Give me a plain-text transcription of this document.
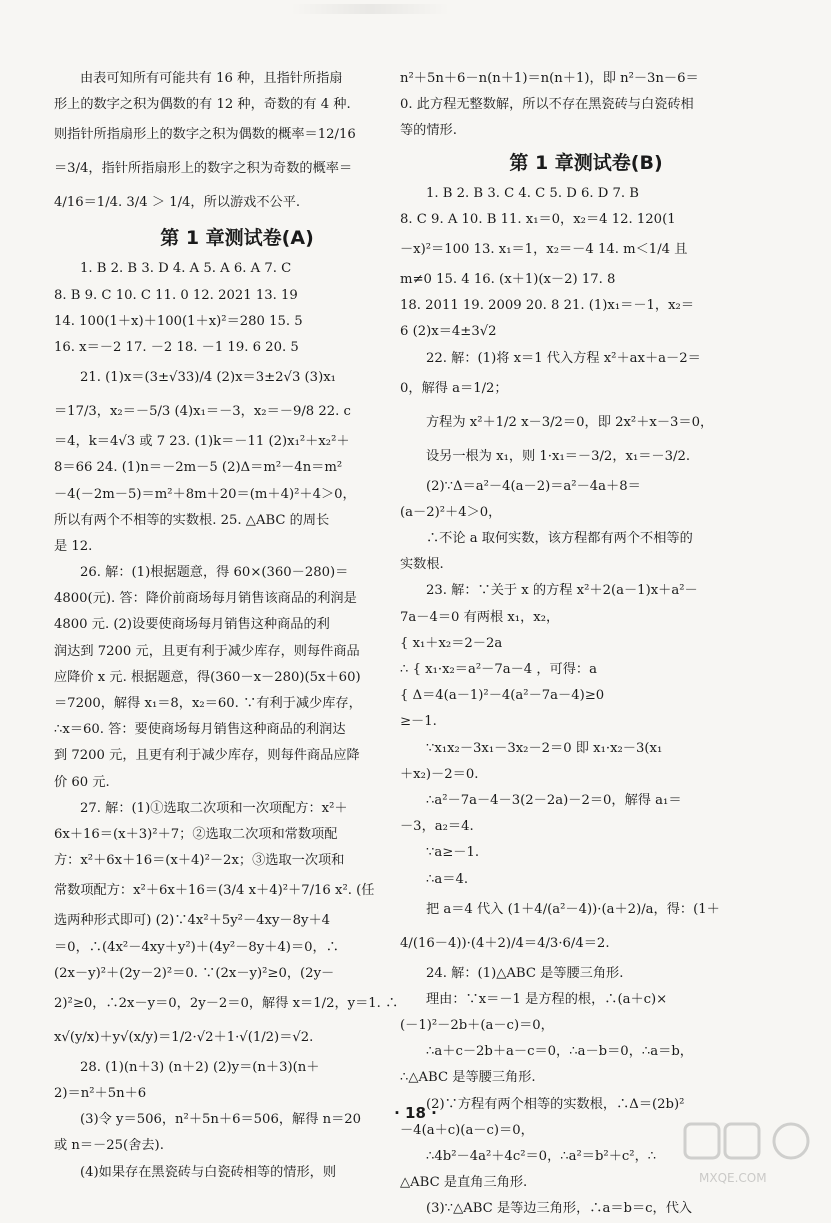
由表可知所有可能共有 16 种，且指针所指扇
形上的数字之积为偶数的有 12 种，奇数的有 4 种.
则指针所指扇形上的数字之积为偶数的概率＝12/16
＝3/4，指针所指扇形上的数字之积为奇数的概率＝
4/16＝1/4. 3/4 ＞ 1/4，所以游戏不公平.
第 1 章测试卷(A)
1. B 2. B 3. D 4. A 5. A 6. A 7. C
8. B 9. C 10. C 11. 0 12. 2021 13. 19
14. 100(1＋x)＋100(1＋x)²＝280 15. 5
16. x＝－2 17. －2 18. －1 19. 6 20. 5
21. (1)x＝(3±√33)/4 (2)x＝3±2√3 (3)x₁
＝17/3，x₂＝－5/3 (4)x₁＝－3，x₂＝－9/8 22. c
＝4，k＝4√3 或 7 23. (1)k＝－11 (2)x₁²＋x₂²＋
8＝66 24. (1)n＝－2m－5 (2)Δ＝m²－4n＝m²
－4(－2m－5)＝m²＋8m＋20＝(m＋4)²＋4＞0，
所以有两个不相等的实数根. 25. △ABC 的周长
是 12.
26. 解：(1)根据题意，得 60×(360－280)＝
4800(元). 答：降价前商场每月销售该商品的利润是
4800 元. (2)设要使商场每月销售这种商品的利
润达到 7200 元，且更有利于减少库存，则每件商品
应降价 x 元. 根据题意，得(360－x－280)(5x＋60)
＝7200，解得 x₁＝8，x₂＝60. ∵有利于减少库存，
∴x＝60. 答：要使商场每月销售这种商品的利润达
到 7200 元，且更有利于减少库存，则每件商品应降
价 60 元.
27. 解：(1)①选取二次项和一次项配方：x²＋
6x＋16＝(x＋3)²＋7；②选取二次项和常数项配
方：x²＋6x＋16＝(x＋4)²－2x；③选取一次项和
常数项配方：x²＋6x＋16＝(3/4 x＋4)²＋7/16 x². (任
选两种形式即可) (2)∵4x²＋5y²－4xy－8y＋4
＝0，∴(4x²－4xy＋y²)＋(4y²－8y＋4)＝0，∴
(2x－y)²＋(2y－2)²＝0. ∵(2x－y)²≥0，(2y－
2)²≥0，∴2x－y＝0，2y－2＝0，解得 x＝1/2，y＝1. ∴
x√(y/x)＋y√(x/y)＝1/2·√2＋1·√(1/2)＝√2.
28. (1)(n＋3) (n＋2) (2)y＝(n＋3)(n＋
2)＝n²＋5n＋6
(3)令 y＝506，n²＋5n＋6＝506，解得 n＝20
或 n＝－25(舍去).
(4)如果存在黑瓷砖与白瓷砖相等的情形，则
n²＋5n＋6－n(n＋1)＝n(n＋1)，即 n²－3n－6＝
0. 此方程无整数解，所以不存在黑瓷砖与白瓷砖相
等的情形.
第 1 章测试卷(B)
1. B 2. B 3. C 4. C 5. D 6. D 7. B
8. C 9. A 10. B 11. x₁＝0，x₂＝4 12. 120(1
－x)²＝100 13. x₁＝1，x₂＝－4 14. m＜1/4 且
m≠0 15. 4 16. (x＋1)(x－2) 17. 8
18. 2011 19. 2009 20. 8 21. (1)x₁＝－1，x₂＝
6 (2)x＝4±3√2
22. 解：(1)将 x＝1 代入方程 x²＋ax＋a－2＝
0，解得 a＝1/2；
方程为 x²＋1/2 x－3/2＝0，即 2x²＋x－3＝0，
设另一根为 x₁，则 1·x₁＝－3/2，x₁＝－3/2.
(2)∵Δ＝a²－4(a－2)＝a²－4a＋8＝
(a－2)²＋4＞0，
∴不论 a 取何实数，该方程都有两个不相等的
实数根.
23. 解：∵关于 x 的方程 x²＋2(a－1)x＋a²－
7a－4＝0 有两根 x₁，x₂，
{ x₁＋x₂＝2－2a
∴ { x₁·x₂＝a²－7a－4 ，可得：a
{ Δ＝4(a－1)²－4(a²－7a－4)≥0
≥－1.
∵x₁x₂－3x₁－3x₂－2＝0 即 x₁·x₂－3(x₁
＋x₂)－2＝0.
∴a²－7a－4－3(2－2a)－2＝0，解得 a₁＝
－3，a₂＝4.
∵a≥－1.
∴a＝4.
把 a＝4 代入 (1＋4/(a²－4))·(a＋2)/a，得：(1＋
4/(16－4))·(4＋2)/4＝4/3·6/4＝2.
24. 解：(1)△ABC 是等腰三角形.
理由：∵x＝－1 是方程的根，∴(a＋c)×
(－1)²－2b＋(a－c)＝0，
∴a＋c－2b＋a－c＝0，∴a－b＝0，∴a＝b，
∴△ABC 是等腰三角形.
(2)∵方程有两个相等的实数根，∴Δ＝(2b)²
－4(a＋c)(a－c)＝0，
∴4b²－4a²＋4c²＝0，∴a²＝b²＋c²，∴
△ABC 是直角三角形.
(3)∵△ABC 是等边三角形，∴a＝b＝c，代入
· 18 ·
MXQE.COM
